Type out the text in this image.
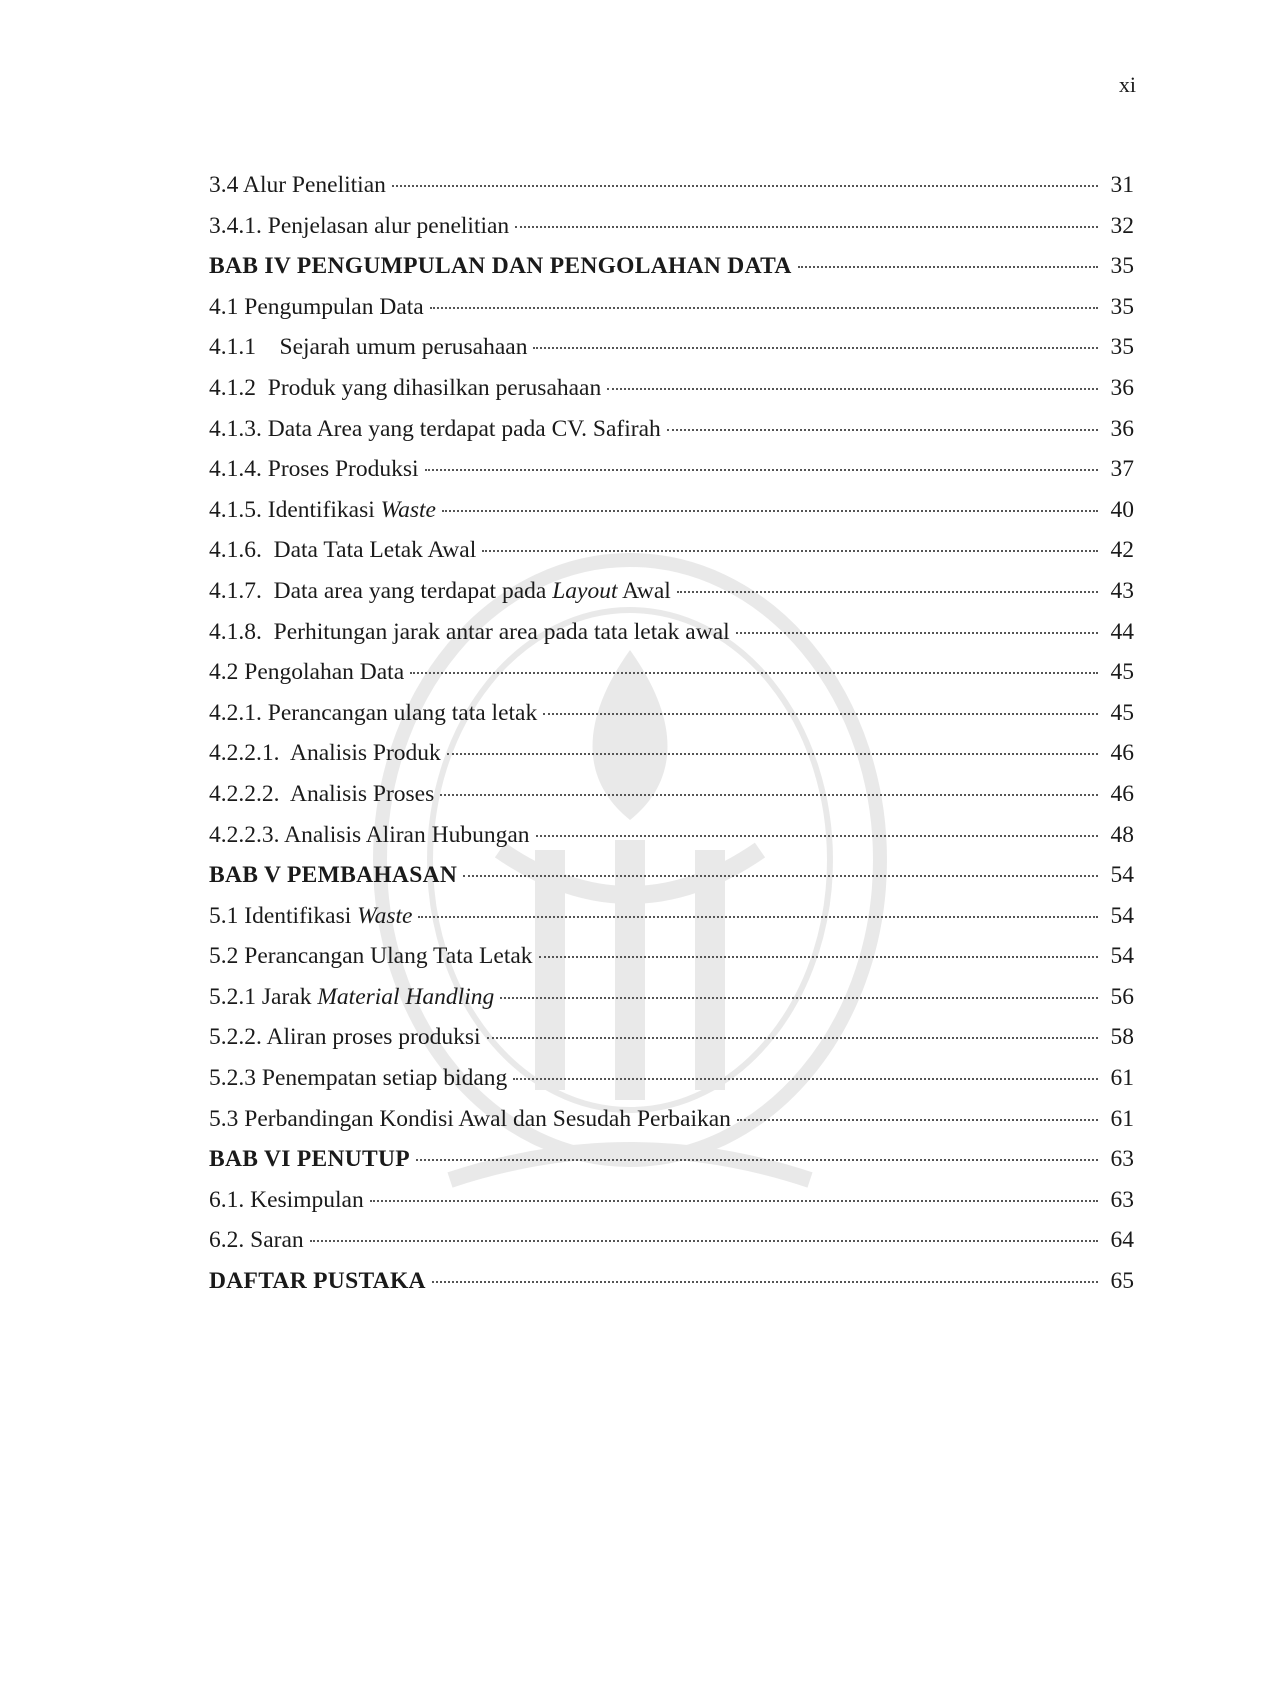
xi
3.4 Alur Penelitian	31
3.4.1. Penjelasan alur penelitian	32
BAB IV PENGUMPULAN DAN PENGOLAHAN DATA	35
4.1 Pengumpulan Data	35
4.1.1 Sejarah umum perusahaan	35
4.1.2 Produk yang dihasilkan perusahaan	36
4.1.3. Data Area yang terdapat pada CV. Safirah	36
4.1.4. Proses Produksi	37
4.1.5. Identifikasi Waste	40
4.1.6. Data Tata Letak Awal	42
4.1.7. Data area yang terdapat pada Layout Awal	43
4.1.8. Perhitungan jarak antar area pada tata letak awal	44
4.2 Pengolahan Data	45
4.2.1. Perancangan ulang tata letak	45
4.2.2.1. Analisis Produk	46
4.2.2.2. Analisis Proses	46
4.2.2.3. Analisis Aliran Hubungan	48
BAB V PEMBAHASAN	54
5.1 Identifikasi Waste	54
5.2 Perancangan Ulang Tata Letak	54
5.2.1 Jarak Material Handling	56
5.2.2. Aliran proses produksi	58
5.2.3 Penempatan setiap bidang	61
5.3 Perbandingan Kondisi Awal dan Sesudah Perbaikan	61
BAB VI PENUTUP	63
6.1. Kesimpulan	63
6.2. Saran	64
DAFTAR PUSTAKA	65
